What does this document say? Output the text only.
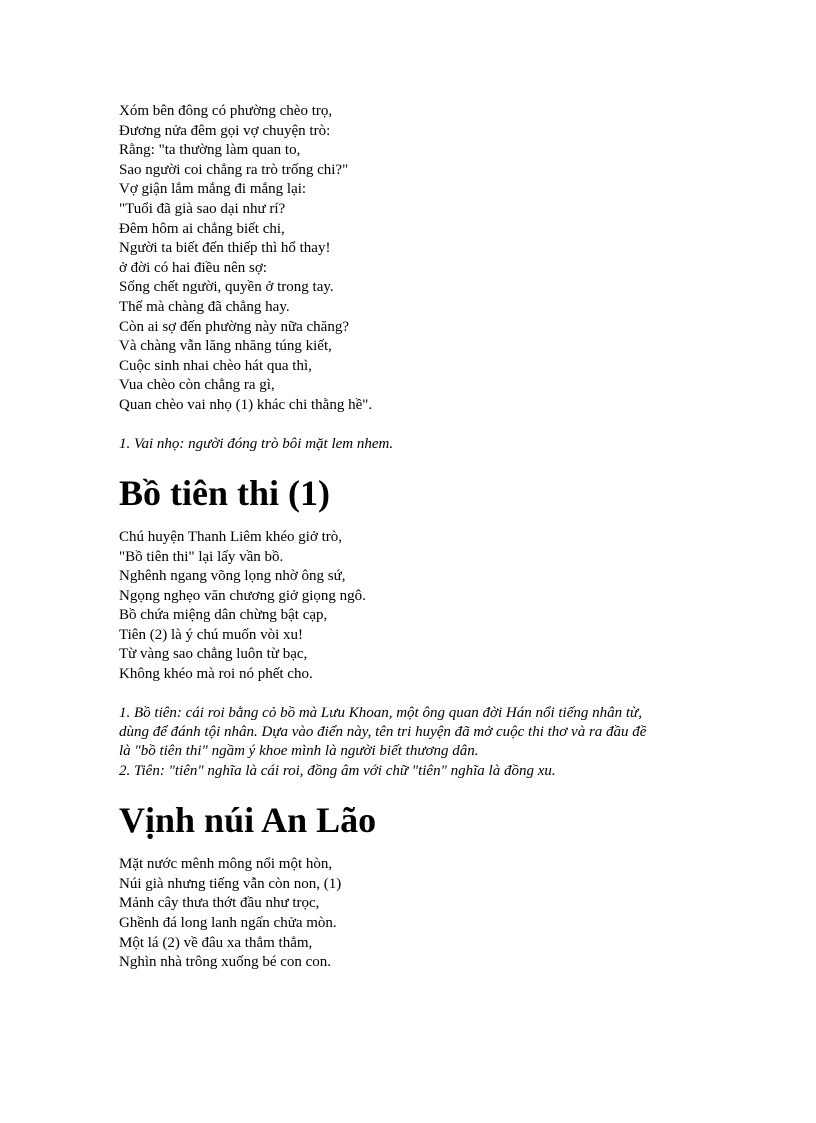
Xóm bên đông có phường chèo trọ,

Đương nửa đêm gọi vợ chuyện trò:

Rằng: "ta thường làm quan to,

Sao người coi chẳng ra trò trống chi?"

Vợ giận lắm mắng đi mắng lại:

"Tuổi đã già sao dại như rí?

Đêm hôm ai chẳng biết chi,

Người ta biết đến thiếp thì hổ thay!

ở đời có hai điều nên sợ:

Sống chết người, quyền ở trong tay.

Thế mà chàng đã chẳng hay.

Còn ai sợ đến phường này nữa chăng?

Và chàng vẫn lăng nhăng túng kiết,

Cuộc sinh nhai chèo hát qua thì,

Vua chèo còn chẳng ra gì,

Quan chèo vai nhọ (1) khác chi thằng hề".

1. Vai nhọ: người đóng trò bôi mặt lem nhem.

Bồ tiên thi (1)

Chú huyện Thanh Liêm khéo giở trò,

"Bồ tiên thi" lại lấy vần bồ.

Nghênh ngang võng lọng nhờ ông sứ,

Ngọng nghẹo văn chương giở giọng ngô.

Bồ chứa miệng dân chừng bật cạp,

Tiên (2) là ý chú muốn vòi xu!

Từ vàng sao chẳng luôn từ bạc,

Không khéo mà roi nó phết cho.

1. Bồ tiên: cái roi bằng cỏ bồ mà Lưu Khoan, một ông quan đời Hán nổi tiếng nhân từ,

dùng để đánh tội nhân. Dựa vào điển này, tên tri huyện đã mở cuộc thi thơ và ra đầu đề

là "bồ tiên thi" ngầm ý khoe mình là người biết thương dân.

2. Tiên: "tiên" nghĩa là cái roi, đồng âm với chữ "tiên" nghĩa là đồng xu.

Vịnh núi An Lão

Mặt nước mênh mông nổi một hòn,

Núi già nhưng tiếng vẫn còn non, (1)

Mảnh cây thưa thớt đầu như trọc,

Ghềnh đá long lanh ngấn chửa mòn.

Một lá (2) về đâu xa thẳm thẳm,

Nghìn nhà trông xuống bé con con.
